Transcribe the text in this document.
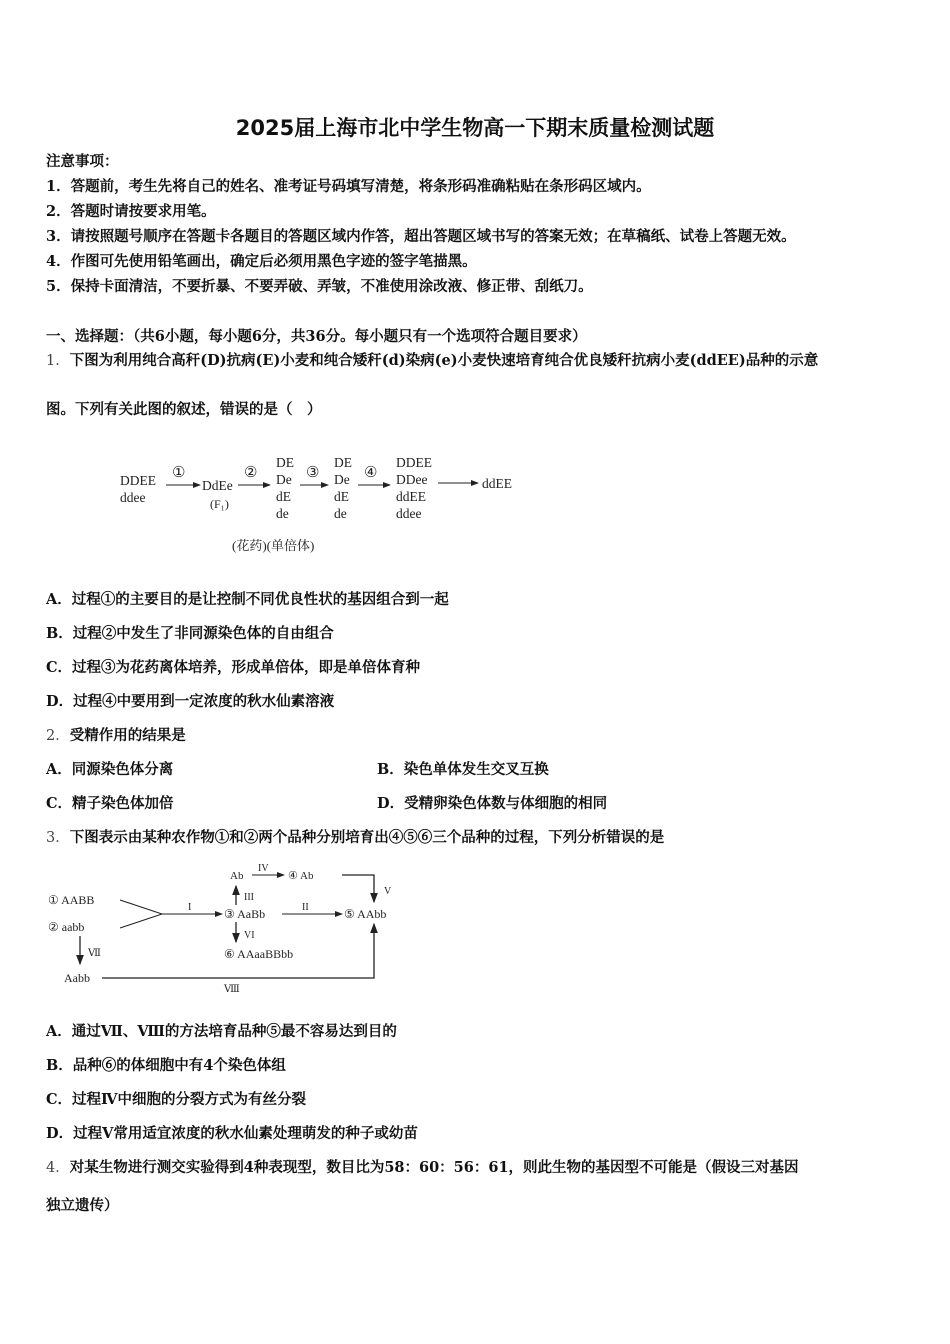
2025届上海市北中学生物高一下期末质量检测试题
注意事项：
1．答题前，考生先将自己的姓名、准考证号码填写清楚，将条形码准确粘贴在条形码区域内。
2．答题时请按要求用笔。
3．请按照题号顺序在答题卡各题目的答题区域内作答，超出答题区域书写的答案无效；在草稿纸、试卷上答题无效。
4．作图可先使用铅笔画出，确定后必须用黑色字迹的签字笔描黑。
5．保持卡面清洁，不要折暴、不要弄破、弄皱，不准使用涂改液、修正带、刮纸刀。
一、选择题：（共6小题，每小题6分，共36分。每小题只有一个选项符合题目要求）
1．下图为利用纯合高秆(D)抗病(E)小麦和纯合矮秆(d)染病(e)小麦快速培育纯合优良矮秆抗病小麦(ddEE)品种的示意
图。下列有关此图的叙述，错误的是（　）
DDEE
ddee
①
DdEe
(F₁)
②
DE
De
dE
de
③
DE
De
dE
de
④
DDEE
DDee
ddEE
ddee
ddEE
(花药)(单倍体)
A．过程①的主要目的是让控制不同优良性状的基因组合到一起
B．过程②中发生了非同源染色体的自由组合
C．过程③为花药离体培养，形成单倍体，即是单倍体育种
D．过程④中要用到一定浓度的秋水仙素溶液
2．受精作用的结果是
A．同源染色体分离	B．染色单体发生交叉互换
C．精子染色体加倍	D．受精卵染色体数与体细胞的相同
3．下图表示由某种农作物①和②两个品种分别培育出④⑤⑥三个品种的过程，下列分析错误的是
① AABB
② aabb
I	③ AaBb	II	⑤ AAbb
III
Ab
IV
④ Ab
V
VI
⑥ AAaaBBbb
Ⅶ
Aabb
Ⅷ
A．通过Ⅶ、Ⅷ的方法培育品种⑤最不容易达到目的
B．品种⑥的体细胞中有4个染色体组
C．过程Ⅳ中细胞的分裂方式为有丝分裂
D．过程Ⅴ常用适宜浓度的秋水仙素处理萌发的种子或幼苗
4．对某生物进行测交实验得到4种表现型，数目比为58：60：56：61，则此生物的基因型不可能是（假设三对基因
独立遗传）
